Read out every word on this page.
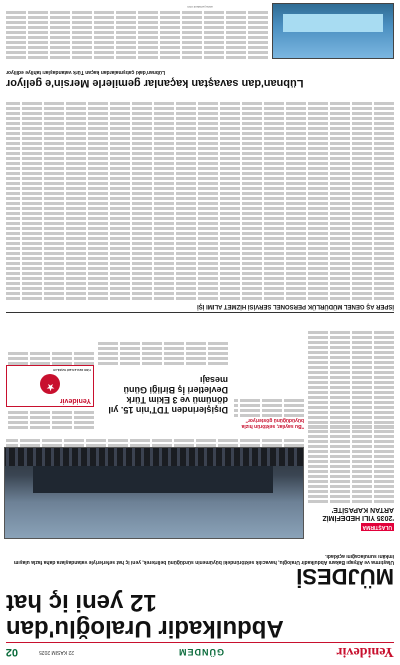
Yenidevir
GÜNDEM
22 KASIM 2025
02
Abdulkadir Uraloğlu'dan
12 yeni iç hat
MÜJDESİ
Ulaştırma ve Altyapı Bakanı Abdulkadir Uraloğlu, havacılık sektöründeki büyümenin sürdüğünü belirterek, yeni iç hat seferleriyle vatandaşlara daha fazla ulaşım imkânı sunulacağını açıkladı.
ULAŞTIRMA
'2035 YILI HEDEFİMİZ ARTAN KAPASİTE'
"Bu sayılar, sektörün hızla büyüdüğünü gösteriyor"
Dışişlerinden TDT'nin 15. yıl dönümü ve 3 Ekim Türk Devletleri İş Birliği Günü mesajı
Yenidevir
★
TÜRK DEVLETLERİ TEŞKİLATI
İSPER AŞ GENEL MÜDÜRLÜK PERSONEL SERVİSİ HİZMET ALIMI İŞİ
Lübnan'dan savaştan kaçanlar gemilerle Mersin'e geliyor
Lübnan'daki çatışmalardan kaçan Türk vatandaşları tahliye ediliyor
www.yenidevir.com
